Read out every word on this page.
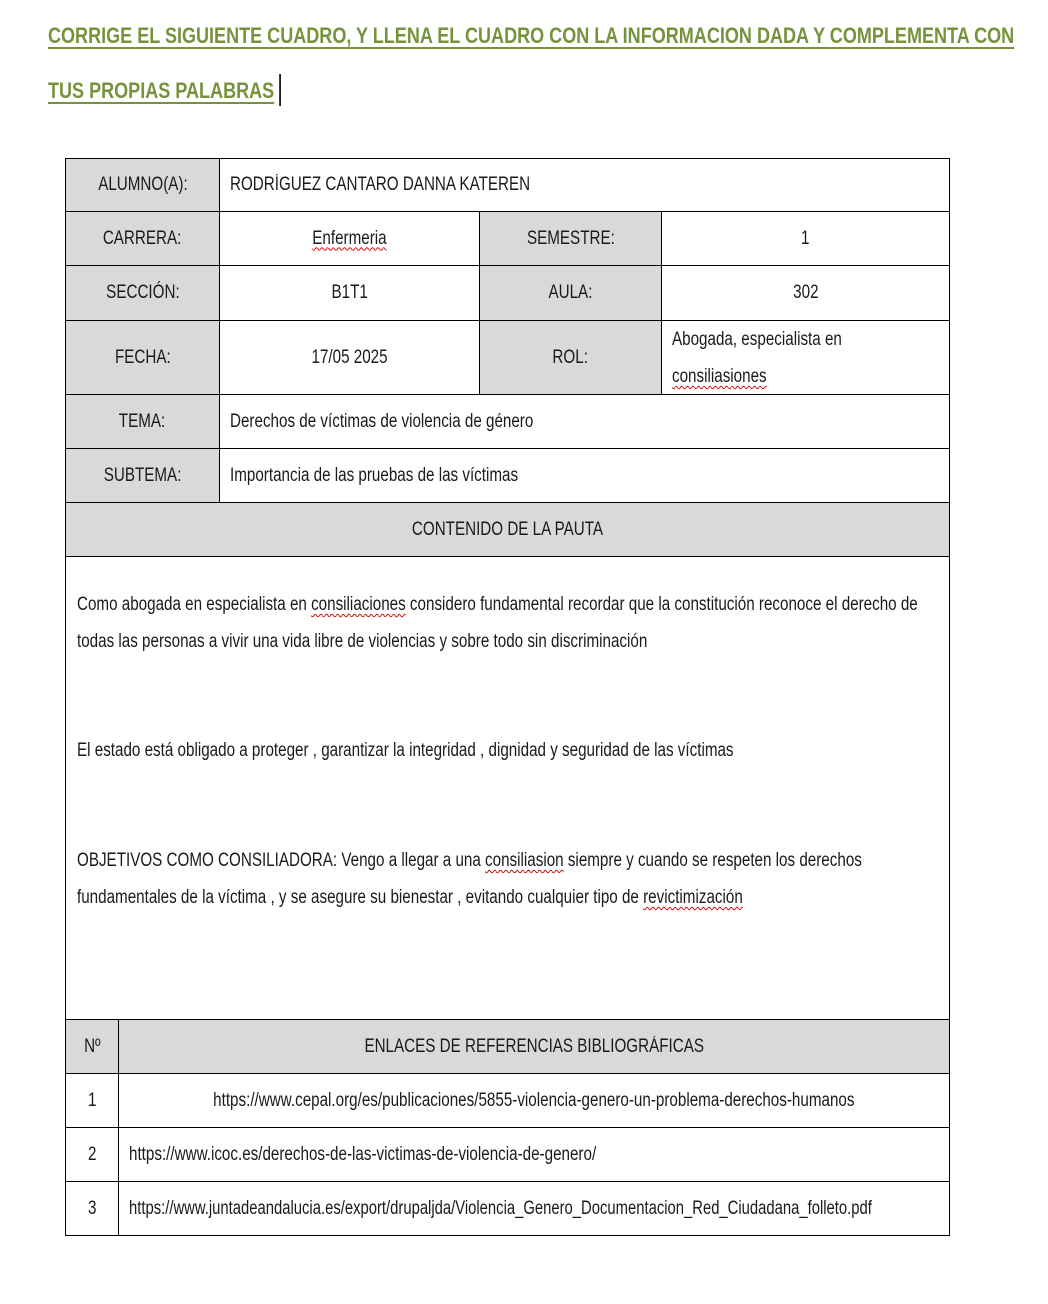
CORRIGE EL SIGUIENTE CUADRO, Y LLENA EL CUADRO CON LA INFORMACION DADA Y COMPLEMENTA CON
TUS PROPIAS PALABRAS
ALUMNO(A): RODRÍGUEZ CANTARO DANNA KATEREN
CARRERA:	Enfermeria	SEMESTRE:	1
SECCIÓN:	B1T1	AULA:	302
FECHA:	17/05 2025	ROL:
Abogada, especialista en
consiliasiones
TEMA:	Derechos de víctimas de violencia de género
SUBTEMA:	Importancia de las pruebas de las víctimas
CONTENIDO DE LA PAUTA
Como abogada en especialista en consiliaciones considero fundamental recordar que la constitución reconoce el derecho de todas las personas a vivir una vida libre de violencias y sobre todo sin discriminación
El estado está obligado a proteger , garantizar la integridad , dignidad y seguridad de las víctimas
OBJETIVOS COMO CONSILIADORA: Vengo a llegar a una consiliasion siempre y cuando se respeten los derechos fundamentales de la víctima , y se asegure su bienestar , evitando cualquier tipo de revictimización
Nº	ENLACES DE REFERENCIAS BIBLIOGRÁFICAS
1	https://www.cepal.org/es/publicaciones/5855-violencia-genero-un-problema-derechos-humanos
2 https://www.icoc.es/derechos-de-las-victimas-de-violencia-de-genero/
3 https://www.juntadeandalucia.es/export/drupaljda/Violencia_Genero_Documentacion_Red_Ciudadana_folleto.pdf
